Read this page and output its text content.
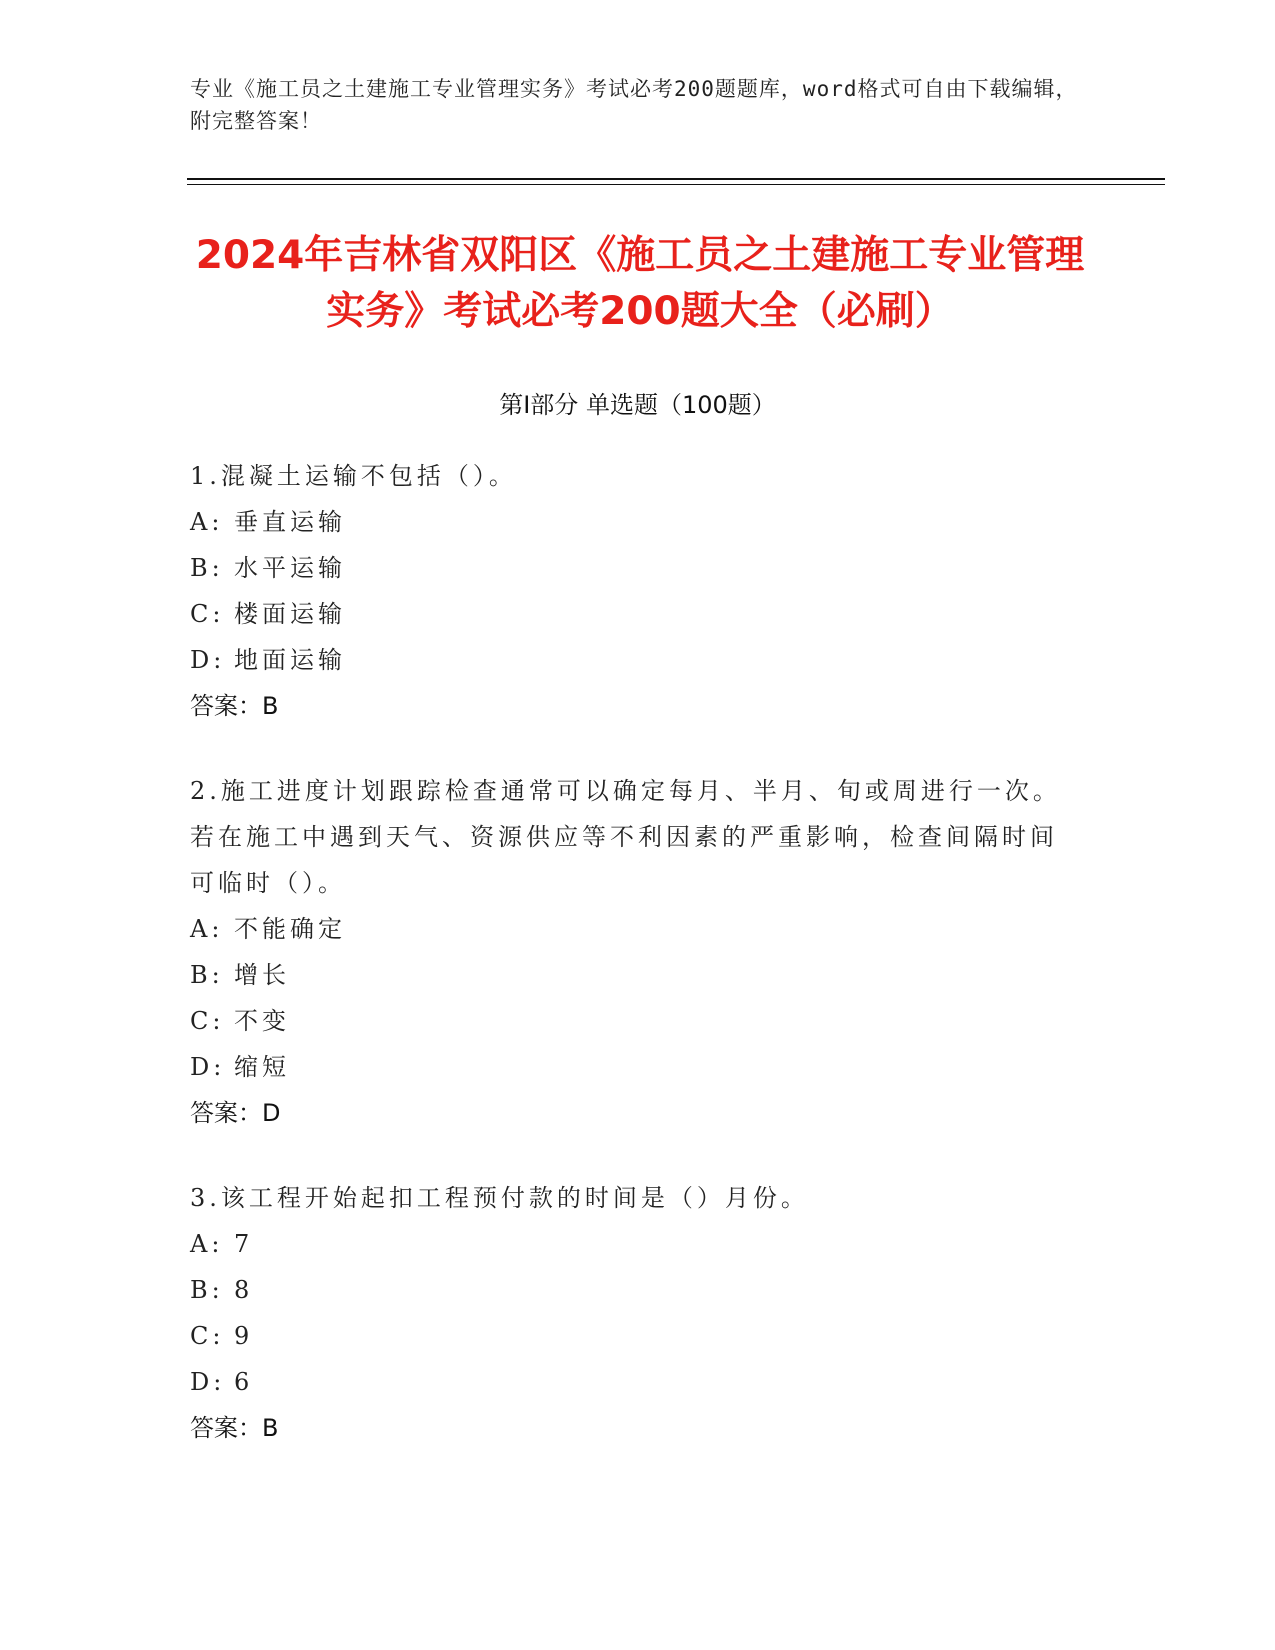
专业《施工员之土建施工专业管理实务》考试必考200题题库，word格式可自由下载编辑，附完整答案！
2024年吉林省双阳区《施工员之土建施工专业管理实务》考试必考200题大全（必刷）
第Ⅰ部分 单选题（100题）

1.混凝土运输不包括（）。

A: 垂直运输

B: 水平运输

C: 楼面运输

D: 地面运输

答案：B

2.施工进度计划跟踪检查通常可以确定每月、半月、旬或周进行一次。若在施工中遇到天气、资源供应等不利因素的严重影响，检查间隔时间可临时（）。

A: 不能确定

B: 增长

C: 不变

D: 缩短

答案：D

3.该工程开始起扣工程预付款的时间是（）月份。

A: 7

B: 8

C: 9

D: 6

答案：B
